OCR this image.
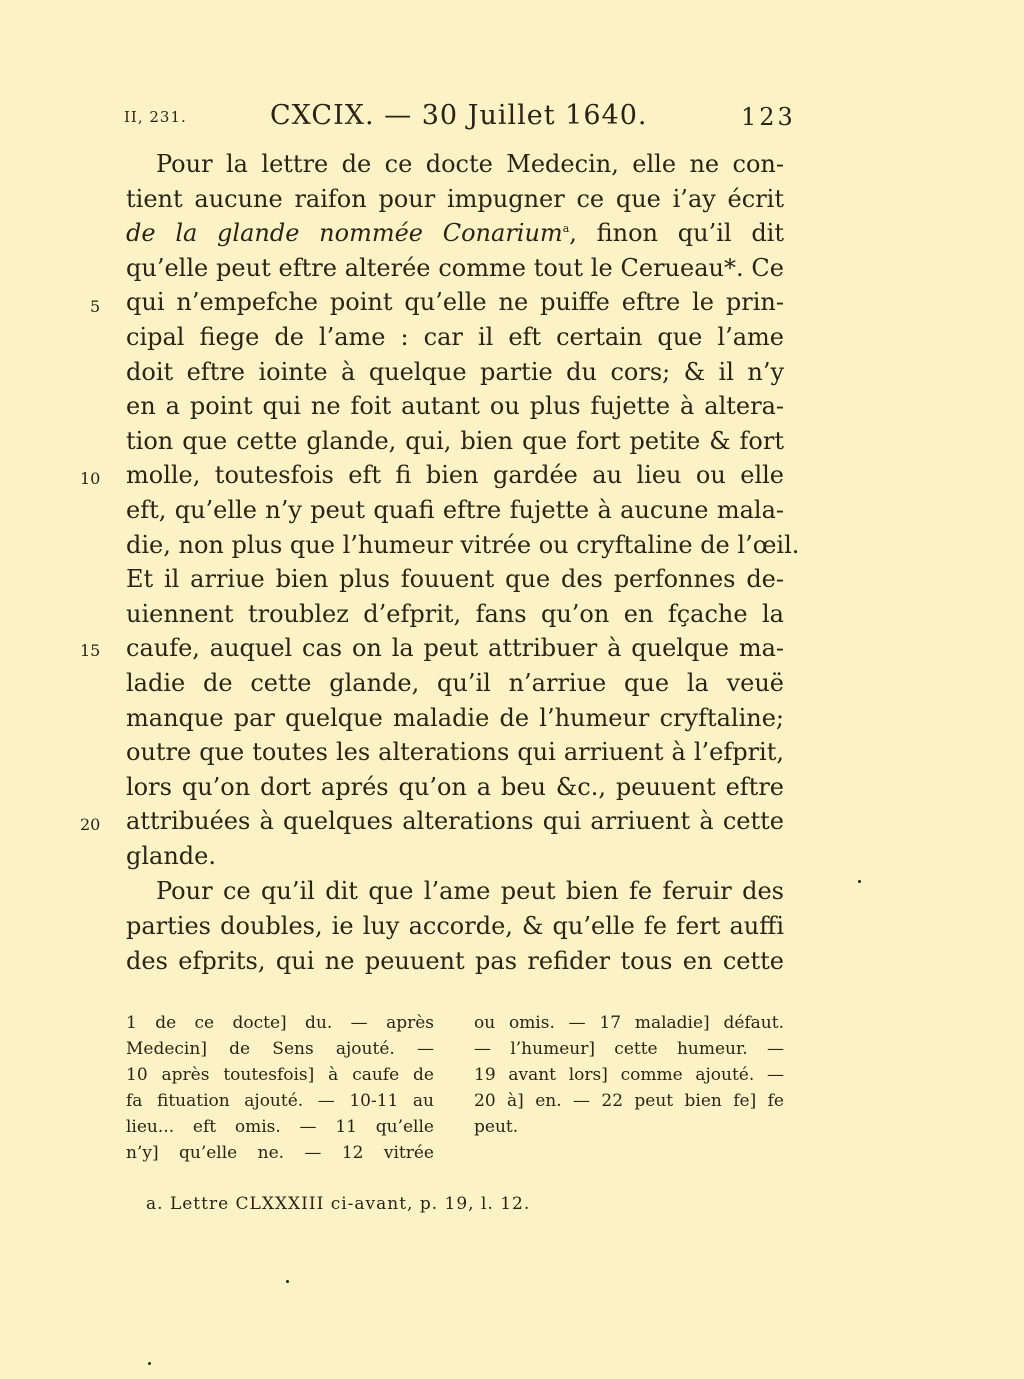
II, 231.	CXCIX. — 30 Juillet 1640.	123
Pour la lettre de ce docte Medecin, elle ne con-
tient aucune raifon pour impugner ce que i’ay écrit
de la glande nommée Conarium$^a$, finon qu’il dit
qu’elle peut eftre alterée comme tout le Cerueau*. Ce
qui n’empefche point qu’elle ne puiffe eftre le prin-
cipal fiege de l’ame : car il eft certain que l’ame
doit eftre iointe à quelque partie du cors; & il n’y
en a point qui ne foit autant ou plus fujette à altera-
tion que cette glande, qui, bien que fort petite & fort
molle, toutesfois eft fi bien gardée au lieu ou elle
eft, qu’elle n’y peut quafi eftre fujette à aucune mala-
die, non plus que l’humeur vitrée ou cryftaline de l’œil.
Et il arriue bien plus fouuent que des perfonnes de-
uiennent troublez d’efprit, fans qu’on en fçache la
caufe, auquel cas on la peut attribuer à quelque ma-
ladie de cette glande, qu’il n’arriue que la veuë
manque par quelque maladie de l’humeur cryftaline;
outre que toutes les alterations qui arriuent à l’efprit,
lors qu’on dort aprés qu’on a beu &c., peuuent eftre
attribuées à quelques alterations qui arriuent à cette
glande.
Pour ce qu’il dit que l’ame peut bien fe feruir des
parties doubles, ie luy accorde, & qu’elle fe fert auffi
des efprits, qui ne peuuent pas refider tous en cette
5
10
15
20
1 de ce docte] du. — après
Medecin] de Sens ajouté. —
10 après toutesfois] à caufe de
fa fituation ajouté. — 10-11 au
lieu... eft omis. — 11 qu’elle
n’y] qu’elle ne. — 12 vitrée
ou omis. — 17 maladie] défaut.
— l’humeur] cette humeur. —
19 avant lors] comme ajouté. —
20 à] en. — 22 peut bien fe] fe
peut.
a. Lettre CLXXXIII ci-avant, p. 19, l. 12.
